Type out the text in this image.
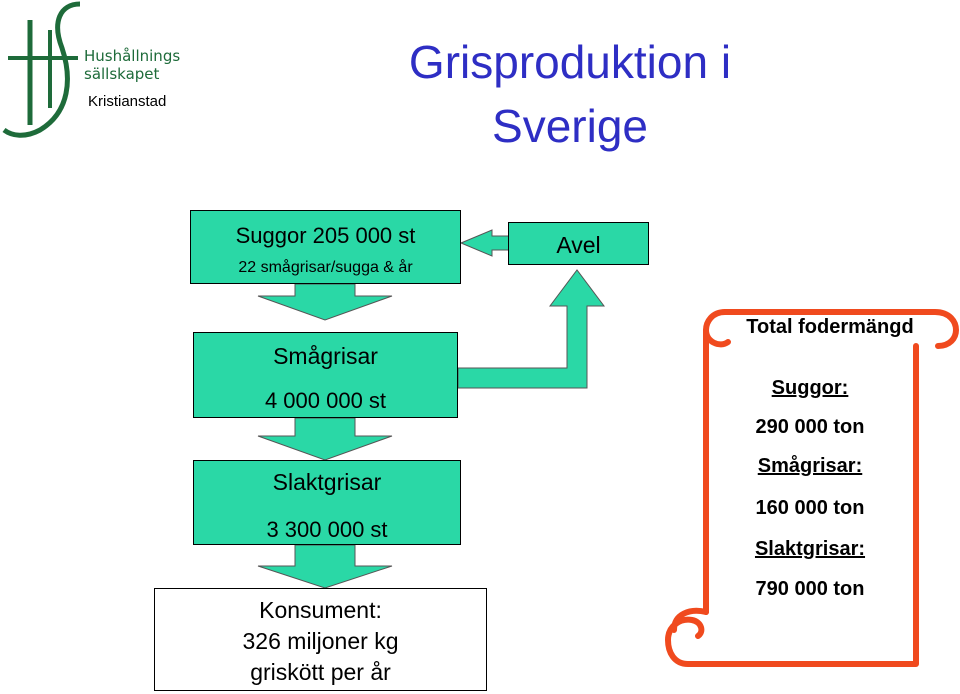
Hushållnings
sällskapet
Kristianstad
Grisproduktion i
Sverige
Suggor 205 000 st
22 smågrisar/sugga & år
Avel
Smågrisar
4 000 000 st
Slaktgrisar
3 300 000 st
Konsument:
326 miljoner kg
griskött per år
Total fodermängd
Suggor:
290 000 ton
Smågrisar:
160 000 ton
Slaktgrisar:
790 000 ton
